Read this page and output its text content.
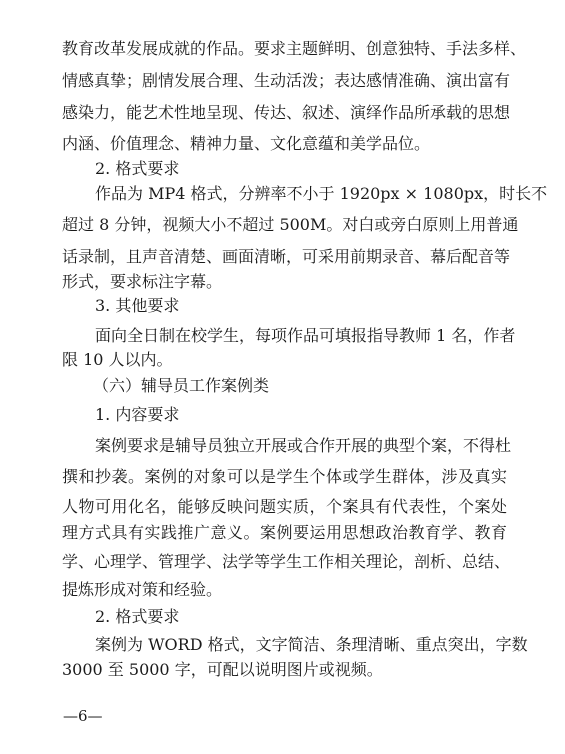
教育改革发展成就的作品。要求主题鲜明、创意独特、手法多样、
情感真挚；剧情发展合理、生动活泼；表达感情准确、演出富有
感染力，能艺术性地呈现、传达、叙述、演绎作品所承载的思想
内涵、价值理念、精神力量、文化意蕴和美学品位。
2. 格式要求
作品为 MP4 格式，分辨率不小于 1920px × 1080px，时长不
超过 8 分钟，视频大小不超过 500M。对白或旁白原则上用普通
话录制，且声音清楚、画面清晰，可采用前期录音、幕后配音等
形式，要求标注字幕。
3. 其他要求
面向全日制在校学生，每项作品可填报指导教师 1 名，作者
限 10 人以内。
（六）辅导员工作案例类
1. 内容要求
案例要求是辅导员独立开展或合作开展的典型个案，不得杜
撰和抄袭。案例的对象可以是学生个体或学生群体，涉及真实
人物可用化名，能够反映问题实质，个案具有代表性，个案处
理方式具有实践推广意义。案例要运用思想政治教育学、教育
学、心理学、管理学、法学等学生工作相关理论，剖析、总结、
提炼形成对策和经验。
2. 格式要求
案例为 WORD 格式，文字简洁、条理清晰、重点突出，字数
3000 至 5000 字，可配以说明图片或视频。
—6—
